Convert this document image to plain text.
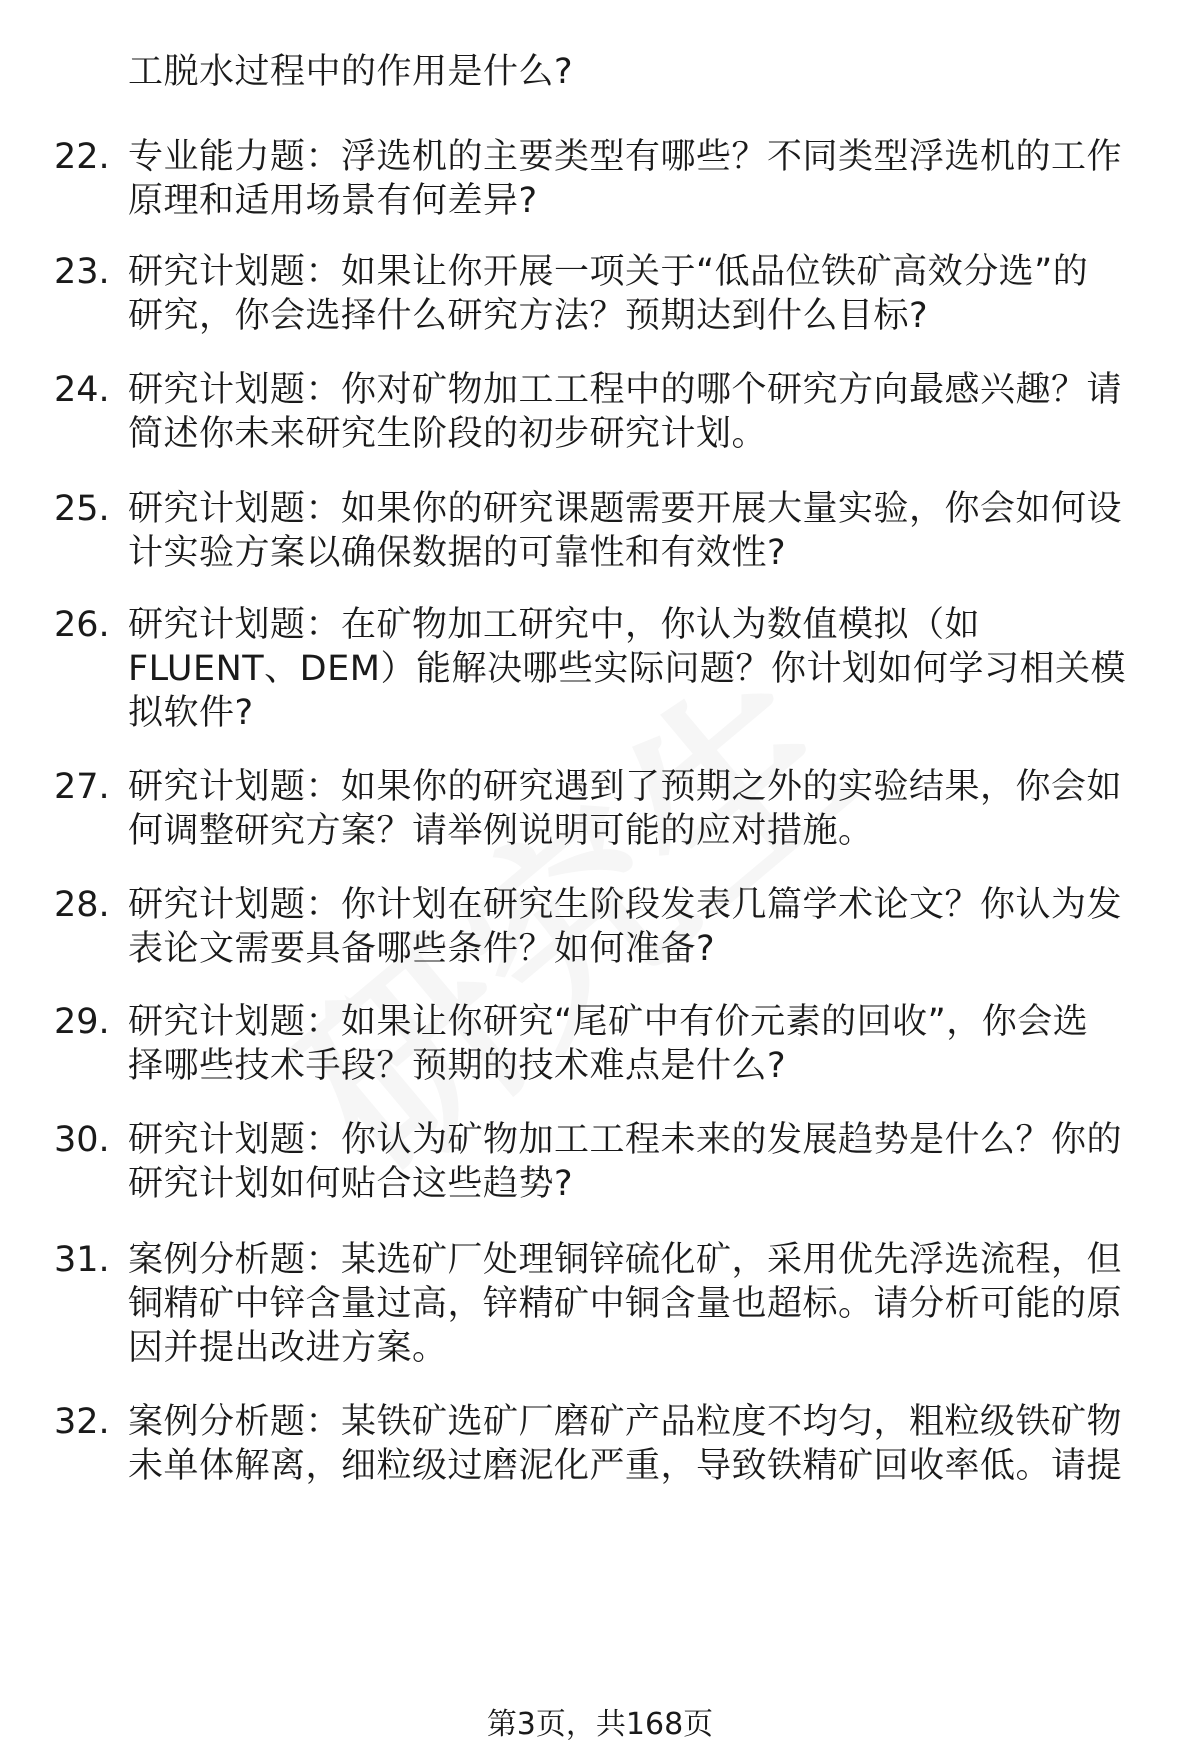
工脱水过程中的作用是什么?
22. 专业能力题：浮选机的主要类型有哪些？不同类型浮选机的工作
原理和适用场景有何差异?
23. 研究计划题：如果让你开展一项关于“低品位铁矿高效分选”的
研究，你会选择什么研究方法？预期达到什么目标?
24. 研究计划题：你对矿物加工工程中的哪个研究方向最感兴趣？请
简述你未来研究生阶段的初步研究计划。
25. 研究计划题：如果你的研究课题需要开展大量实验，你会如何设
计实验方案以确保数据的可靠性和有效性?
26. 研究计划题：在矿物加工研究中，你认为数值模拟（如
FLUENT、DEM）能解决哪些实际问题？你计划如何学习相关模
拟软件?
27. 研究计划题：如果你的研究遇到了预期之外的实验结果，你会如
何调整研究方案？请举例说明可能的应对措施。
28. 研究计划题：你计划在研究生阶段发表几篇学术论文？你认为发
表论文需要具备哪些条件？如何准备?
29. 研究计划题：如果让你研究“尾矿中有价元素的回收”，你会选
择哪些技术手段？预期的技术难点是什么?
30. 研究计划题：你认为矿物加工工程未来的发展趋势是什么？你的
研究计划如何贴合这些趋势?
31. 案例分析题：某选矿厂处理铜锌硫化矿，采用优先浮选流程，但
铜精矿中锌含量过高，锌精矿中铜含量也超标。请分析可能的原
因并提出改进方案。
32. 案例分析题：某铁矿选矿厂磨矿产品粒度不均匀，粗粒级铁矿物
未单体解离，细粒级过磨泥化严重，导致铁精矿回收率低。请提
第3页，共168页
